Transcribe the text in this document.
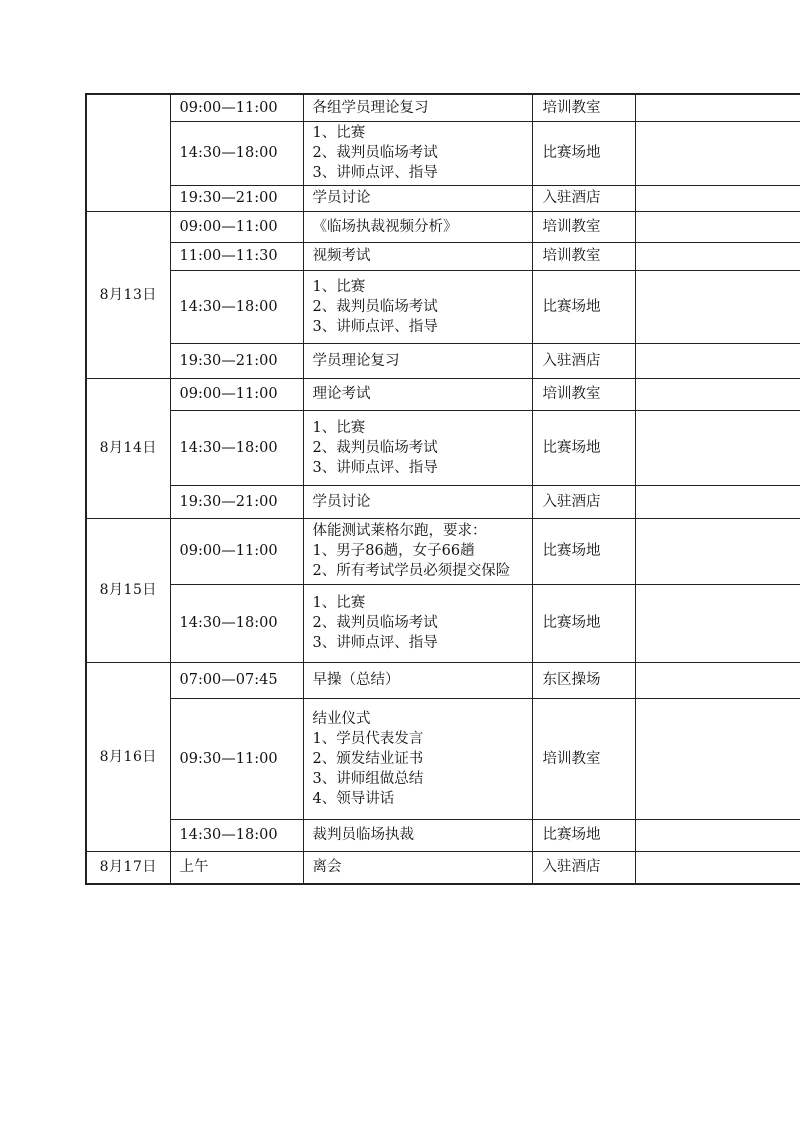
	09:00—11:00	各组学员理论复习	培训教室	
	14:30—18:00	1、比赛
2、裁判员临场考试
3、讲师点评、指导	比赛场地	
	19:30—21:00	学员讨论	入驻酒店	
8月13日	09:00—11:00	《临场执裁视频分析》	培训教室	
	11:00—11:30	视频考试	培训教室	
	14:30—18:00	1、比赛
2、裁判员临场考试
3、讲师点评、指导	比赛场地	
	19:30—21:00	学员理论复习	入驻酒店	
8月14日	09:00—11:00	理论考试	培训教室	
	14:30—18:00	1、比赛
2、裁判员临场考试
3、讲师点评、指导	比赛场地	
	19:30—21:00	学员讨论	入驻酒店	
8月15日	09:00—11:00	体能测试莱格尔跑，要求：
1、男子86趟，女子66趟
2、所有考试学员必须提交保险	比赛场地	
	14:30—18:00	1、比赛
2、裁判员临场考试
3、讲师点评、指导	比赛场地	
8月16日	07:00—07:45	早操（总结）	东区操场	
	09:30—11:00	结业仪式
1、学员代表发言
2、颁发结业证书
3、讲师组做总结
4、领导讲话	培训教室	
	14:30—18:00	裁判员临场执裁	比赛场地	
8月17日	上午	离会	入驻酒店	
